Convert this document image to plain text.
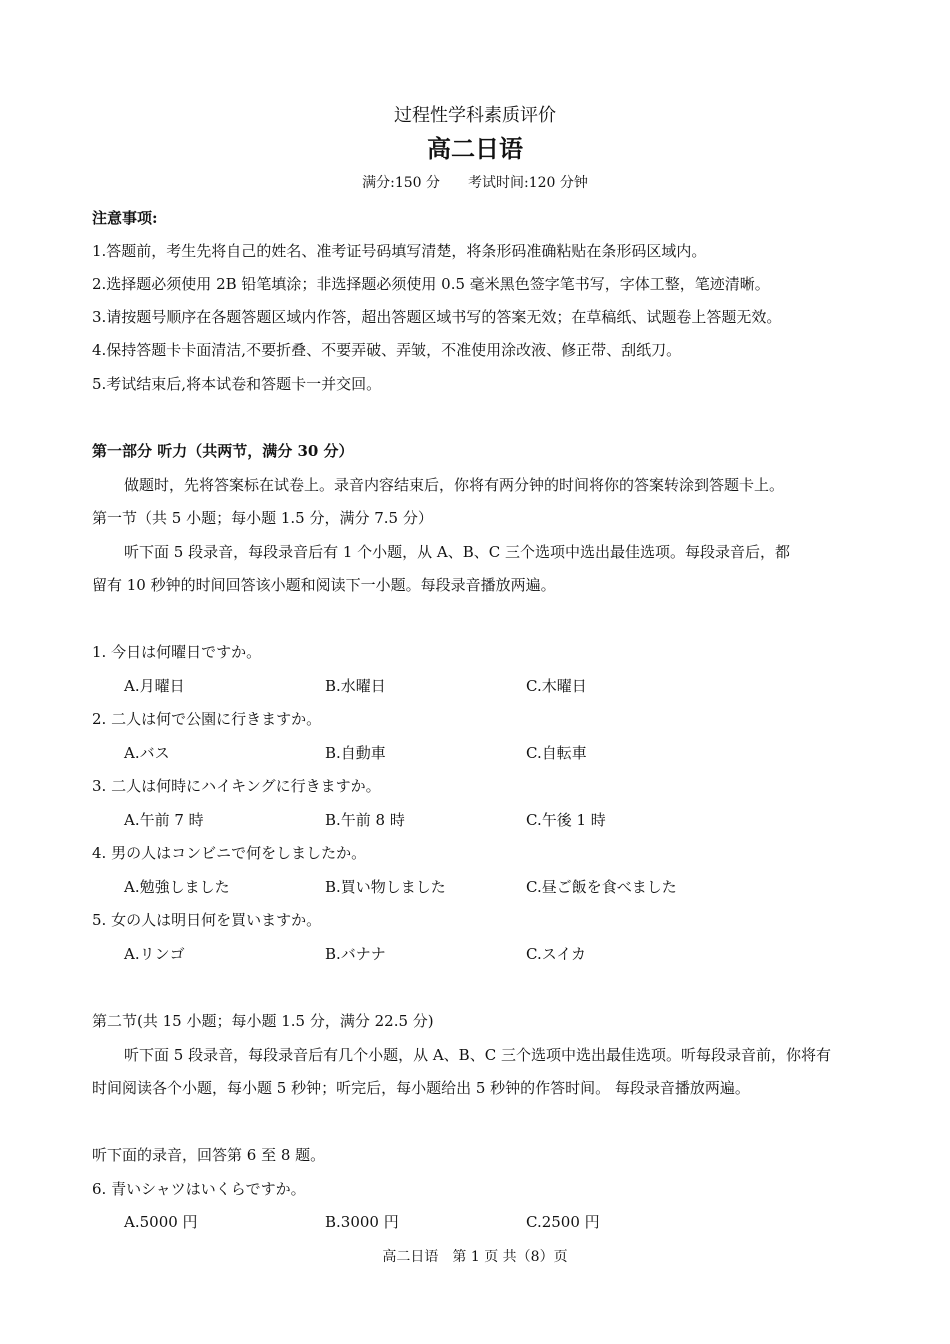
过程性学科素质评价
高二日语
满分:150 分　　考试时间:120 分钟
注意事项:
1.答题前，考生先将自己的姓名、准考证号码填写清楚，将条形码准确粘贴在条形码区域内。
2.选择题必须使用 2B 铅笔填涂；非选择题必须使用 0.5 毫米黑色签字笔书写，字体工整，笔迹清晰。
3.请按题号顺序在各题答题区域内作答，超出答题区域书写的答案无效；在草稿纸、试题卷上答题无效。
4.保持答题卡卡面清洁,不要折叠、不要弄破、弄皱，不准使用涂改液、修正带、刮纸刀。
5.考试结束后,将本试卷和答题卡一并交回。
第一部分 听力（共两节，满分 30 分）
做题时，先将答案标在试卷上。录音内容结束后，你将有两分钟的时间将你的答案转涂到答题卡上。
第一节（共 5 小题；每小题 1.5 分，满分 7.5 分）
听下面 5 段录音，每段录音后有 1 个小题，从 A、B、C 三个选项中选出最佳选项。每段录音后，都
留有 10 秒钟的时间回答该小题和阅读下一小题。每段录音播放两遍。
1. 今日は何曜日ですか。
A.月曜日	B.水曜日	C.木曜日
2. 二人は何で公園に行きますか。
A.バス	B.自動車	C.自転車
3. 二人は何時にハイキングに行きますか。
A.午前 7 時	B.午前 8 時	C.午後 1 時
4. 男の人はコンビニで何をしましたか。
A.勉強しました	B.買い物しました	C.昼ご飯を食べました
5. 女の人は明日何を買いますか。
A.リンゴ	B.バナナ	C.スイカ
第二节(共 15 小题；每小题 1.5 分，满分 22.5 分)
听下面 5 段录音，每段录音后有几个小题，从 A、B、C 三个选项中选出最佳选项。听每段录音前，你将有
时间阅读各个小题，每小题 5 秒钟；听完后，每小题给出 5 秒钟的作答时间。 每段录音播放两遍。
听下面的录音，回答第 6 至 8 题。
6. 青いシャツはいくらですか。
A.5000 円	B.3000 円	C.2500 円
高二日语　第 1 页 共（8）页
